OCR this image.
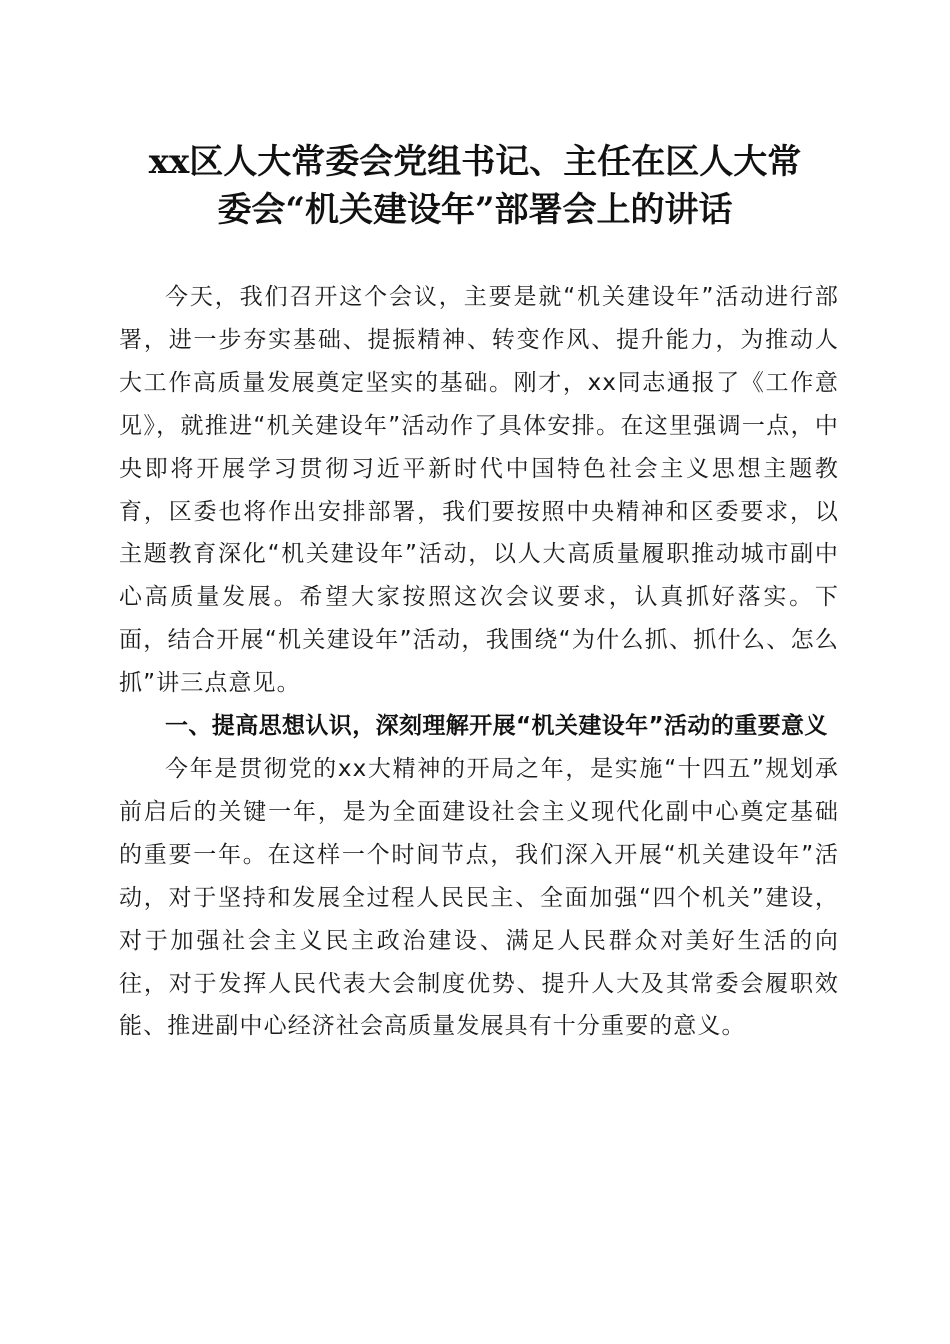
xx区人大常委会党组书记、主任在区人大常
委会“机关建设年”部署会上的讲话

今天，我们召开这个会议，主要是就“机关建设年”活动进行部署，进一步夯实基础、提振精神、转变作风、提升能力，为推动人大工作高质量发展奠定坚实的基础。刚才，xx同志通报了《工作意见》，就推进“机关建设年”活动作了具体安排。在这里强调一点，中央即将开展学习贯彻习近平新时代中国特色社会主义思想主题教育，区委也将作出安排部署，我们要按照中央精神和区委要求，以主题教育深化“机关建设年”活动，以人大高质量履职推动城市副中心高质量发展。希望大家按照这次会议要求，认真抓好落实。下面，结合开展“机关建设年”活动，我围绕“为什么抓、抓什么、怎么抓”讲三点意见。

一、提高思想认识，深刻理解开展“机关建设年”活动的重要意义

今年是贯彻党的xx大精神的开局之年，是实施“十四五”规划承前启后的关键一年，是为全面建设社会主义现代化副中心奠定基础的重要一年。在这样一个时间节点，我们深入开展“机关建设年”活动，对于坚持和发展全过程人民民主、全面加强“四个机关”建设，对于加强社会主义民主政治建设、满足人民群众对美好生活的向往，对于发挥人民代表大会制度优势、提升人大及其常委会履职效能、推进副中心经济社会高质量发展具有十分重要的意义。
